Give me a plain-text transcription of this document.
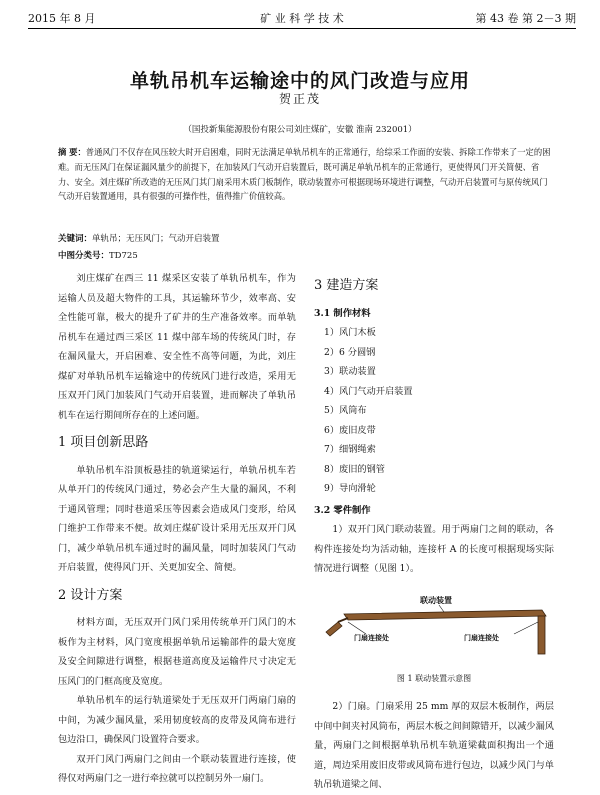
2015 年 8 月	矿 业 科 学 技 术	第 43 卷 第 2－3 期
单轨吊机车运输途中的风门改造与应用
贺正茂
（国投新集能源股份有限公司刘庄煤矿，安徽 淮南 232001）
摘 要：普通风门不仅存在风压较大时开启困难，同时无法满足单轨吊机车的正常通行，给综采工作面的安装、拆除工作带来了一定的困难。而无压风门在保证漏风量少的前提下，在加装风门气动开启装置后，既可满足单轨吊机车的正常通行，更使得风门开关简便、省力、安全。刘庄煤矿所改造的无压风门其门扇采用木质门板制作，联动装置亦可根据现场环境进行调整，气动开启装置可与原传统风门气动开启装置通用，具有很强的可操作性，值得推广价值较高。
关键词：单轨吊；无压风门；气动开启装置
中图分类号：TD725

刘庄煤矿在西三 11 煤采区安装了单轨吊机车，作为运输人员及超大物件的工具，其运输环节少，效率高、安全性能可靠，极大的提升了矿井的生产准备效率。而单轨吊机车在通过西三采区 11 煤中部车场的传统风门时，存在漏风量大，开启困难、安全性不高等问题，为此，刘庄煤矿对单轨吊机车运输途中的传统风门进行改造，采用无压双开门风门加装风门气动开启装置，进而解决了单轨吊机车在运行期间所存在的上述问题。

1 项目创新思路

单轨吊机车沿顶板悬挂的轨道梁运行，单轨吊机车若从单开门的传统风门通过，势必会产生大量的漏风，不利于通风管理；同时巷道采压等因素会造成风门变形，给风门维护工作带来不便。故刘庄煤矿设计采用无压双开门风门，减少单轨吊机车通过时的漏风量，同时加装风门气动开启装置，使得风门开、关更加安全、简便。

2 设计方案

材料方面，无压双开门风门采用传统单开门风门的木板作为主材料，风门宽度根据单轨吊运输部件的最大宽度及安全间隙进行调整，根据巷道高度及运输件尺寸决定无压风门的门框高度及宽度。

单轨吊机车的运行轨道梁处于无压双开门两扇门扇的中间，为减少漏风量，采用韧度较高的皮带及风筒布进行包边沿口，确保风门设置符合要求。

双开门风门两扇门之间由一个联动装置进行连接，使得仅对两扇门之一进行牵拉就可以控制另外一扇门。

3 建造方案
3.1 制作材料
1）风门木板
2）6 分圆钢
3）联动装置
4）风门气动开启装置
5）风筒布
6）废旧皮带
7）细钢绳索
8）废旧的钢管
9）导向滑轮
3.2 零件制作

1）双开门风门联动装置。用于两扇门之间的联动，各构件连接处均为活动轴，连接杆 A 的长度可根据现场实际情况进行调整（见图 1）。

联动装置
门扇连接处	门扇连接处
图 1 联动装置示意图

2）门扇。门扇采用 25 mm 厚的双层木板制作，两层中间中间夹衬风筒布，两层木板之间间隙错开，以减少漏风量，两扇门之间根据单轨吊机车轨道梁截面积掏出一个通道，周边采用废旧皮带或风筒布进行包边，以减少风门与单轨吊轨道梁之间、
